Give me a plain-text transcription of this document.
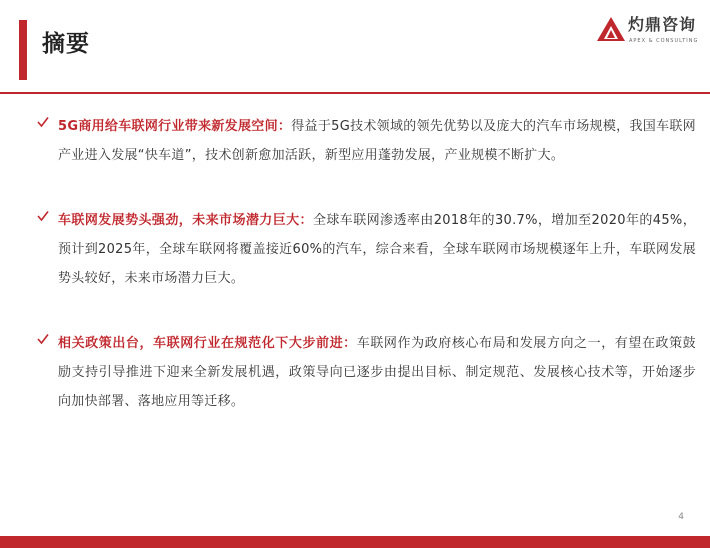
摘要
灼鼎咨询
APEX & CONSULTING
5G商用给车联网行业带来新发展空间：得益于5G技术领域的领先优势以及庞大的汽车市场规模，我国车联网产业进入发展“快车道”，技术创新愈加活跃，新型应用蓬勃发展，产业规模不断扩大。
车联网发展势头强劲，未来市场潜力巨大：全球车联网渗透率由2018年的30.7%，增加至2020年的45%，预计到2025年，全球车联网将覆盖接近60%的汽车，综合来看，全球车联网市场规模逐年上升，车联网发展势头较好，未来市场潜力巨大。
相关政策出台，车联网行业在规范化下大步前进：车联网作为政府核心布局和发展方向之一，有望在政策鼓励支持引导推进下迎来全新发展机遇，政策导向已逐步由提出目标、制定规范、发展核心技术等，开始逐步向加快部署、落地应用等迁移。
4
